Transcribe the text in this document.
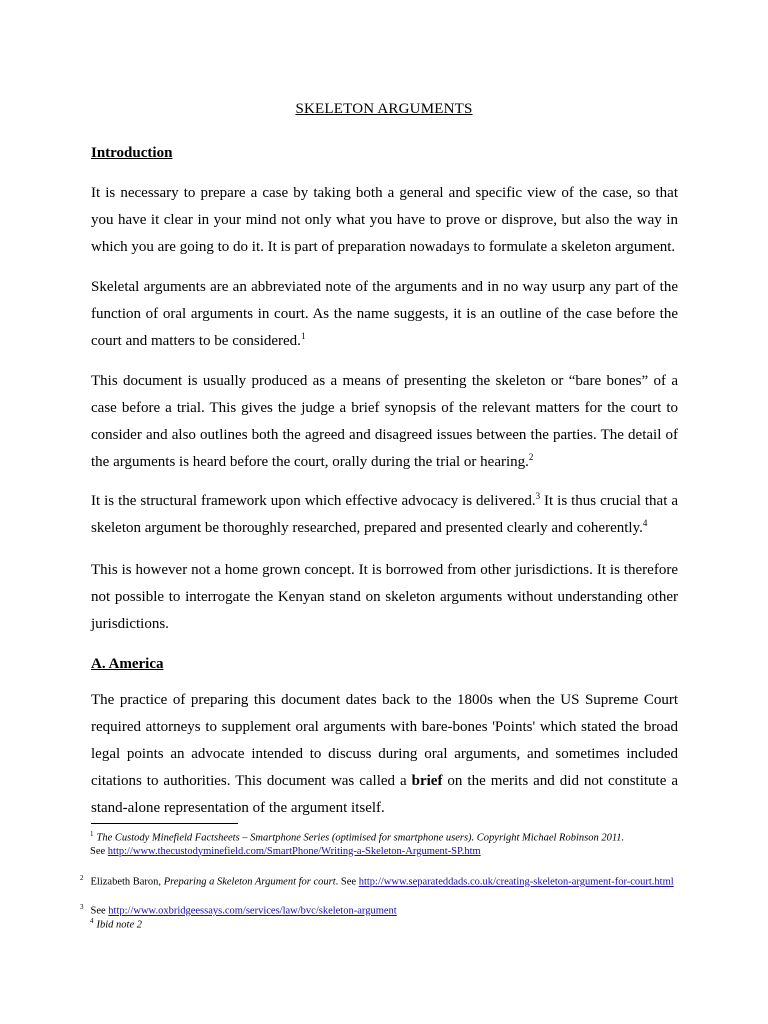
SKELETON ARGUMENTS
Introduction

It is necessary to prepare a case by taking both a general and specific view of the case, so that you have it clear in your mind not only what you have to prove or disprove, but also the way in which you are going to do it. It is part of preparation nowadays to formulate a skeleton argument.

Skeletal arguments are an abbreviated note of the arguments and in no way usurp any part of the function of oral arguments in court. As the name suggests, it is an outline of the case before the court and matters to be considered.$^1$

This document is usually produced as a means of presenting the skeleton or “bare bones” of a case before a trial. This gives the judge a brief synopsis of the relevant matters for the court to consider and also outlines both the agreed and disagreed issues between the parties. The detail of the arguments is heard before the court, orally during the trial or hearing.$^2$

It is the structural framework upon which effective advocacy is delivered.$^3$ It is thus crucial that a skeleton argument be thoroughly researched, prepared and presented clearly and coherently.$^4$

This is however not a home grown concept. It is borrowed from other jurisdictions. It is therefore not possible to interrogate the Kenyan stand on skeleton arguments without understanding other jurisdictions.

A. America

The practice of preparing this document dates back to the 1800s when the US Supreme Court required attorneys to supplement oral arguments with bare-bones 'Points' which stated the broad legal points an advocate intended to discuss during oral arguments, and sometimes included citations to authorities. This document was called a brief on the merits and did not constitute a stand-alone representation of the argument itself.

$^1$ The Custody Minefield Factsheets – Smartphone Series (optimised for smartphone users). Copyright Michael Robinson 2011.
See http://www.thecustodyminefield.com/SmartPhone/Writing-a-Skeleton-Argument-SP.htm
$^2$ Elizabeth Baron, Preparing a Skeleton Argument for court. See http://www.separateddads.co.uk/creating-skeleton-argument-for-court.html
$^3$ See http://www.oxbridgeessays.com/services/law/bvc/skeleton-argument
$^4$ Ibid note 2
